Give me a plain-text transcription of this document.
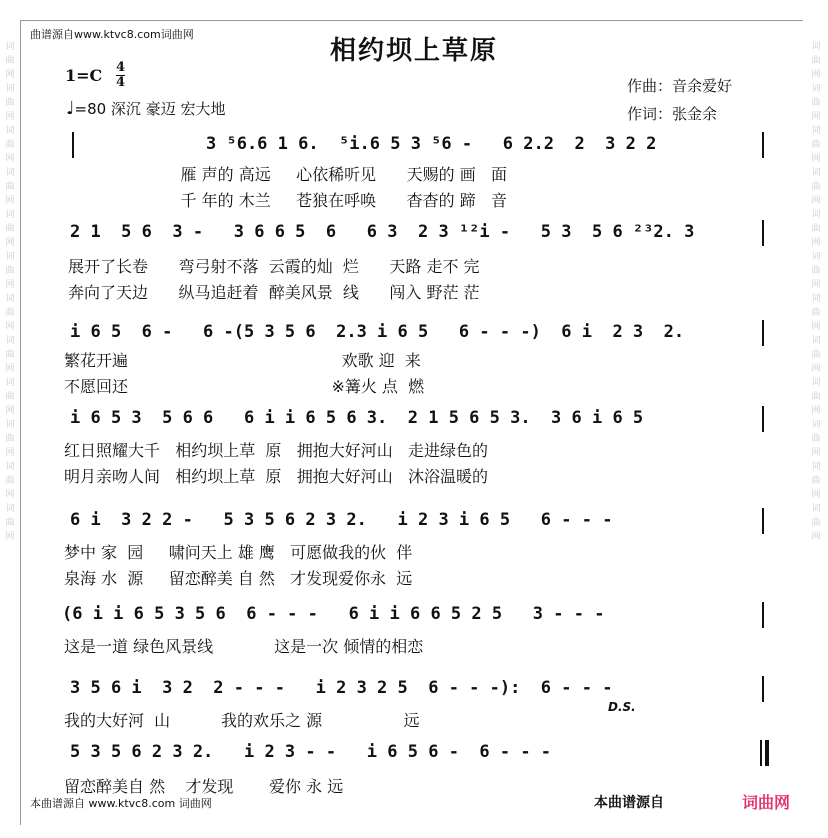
词曲网词曲网词曲网词曲网词曲网词曲网词曲网词曲网词曲网词曲网词曲网词曲网
词曲网词曲网词曲网词曲网词曲网词曲网词曲网词曲网词曲网词曲网词曲网词曲网
曲谱源自www.ktvc8.com词曲网
相约坝上草原
1=C 4
4
♩=80 深沉 豪迈 宏大地
作曲：音余爱好
作词：张金余
3 ⁵6.6 1 6.  ⁵i.6 5 3 ⁵6 -   6 2.2  2  3 2 2
雁 声的 高远     心依稀听见      天赐的 画   面
千 年的 木兰     苍狼在呼唤      杳杳的 蹄   音
2 1  5 6  3 -   3 6 6 5  6   6 3  2 3 ¹²i -   5 3  5 6 ²³2. 3
展开了长卷      弯弓射不落  云霞的灿  烂      天路 走不 完
奔向了天边      纵马追赶着  醉美风景  线      闯入 野茫 茫
i 6 5  6 -   6 -(5 3 5 6  2.3 i 6 5   6 - - -)  6 i  2 3  2.
繁花开遍                                          欢歌 迎  来
不愿回还                                        ※篝火 点  燃
i 6 5 3  5 6 6   6 i i 6 5 6 3.  2 1 5 6 5 3.  3 6 i 6 5
红日照耀大千   相约坝上草  原   拥抱大好河山   走进绿色的
明月亲吻人间   相约坝上草  原   拥抱大好河山   沐浴温暖的
6 i  3 2 2 -   5 3 5 6 2 3 2.   i 2 3 i 6 5   6 - - -
梦中 家  园     啸问天上 雄 鹰   可愿做我的伙  伴
泉海 水  源     留恋醉美 自 然   才发现爱你永  远
(6 i i 6 5 3 5 6  6 - - -   6 i i 6 6 5 2 5   3 - - -
这是一道 绿色风景线            这是一次 倾情的相恋
D.S.
3 5 6 i  3 2  2 - - -   i 2 3 2 5  6 - - -):  6 - - -
我的大好河  山          我的欢乐之 源                远
5 3 5 6 2 3 2.   i 2 3 - -   i 6 5 6 -  6 - - -
留恋醉美自 然    才发现       爱你 永 远
本曲谱源自 www.ktvc8.com 词曲网	本曲谱源自	词曲网
